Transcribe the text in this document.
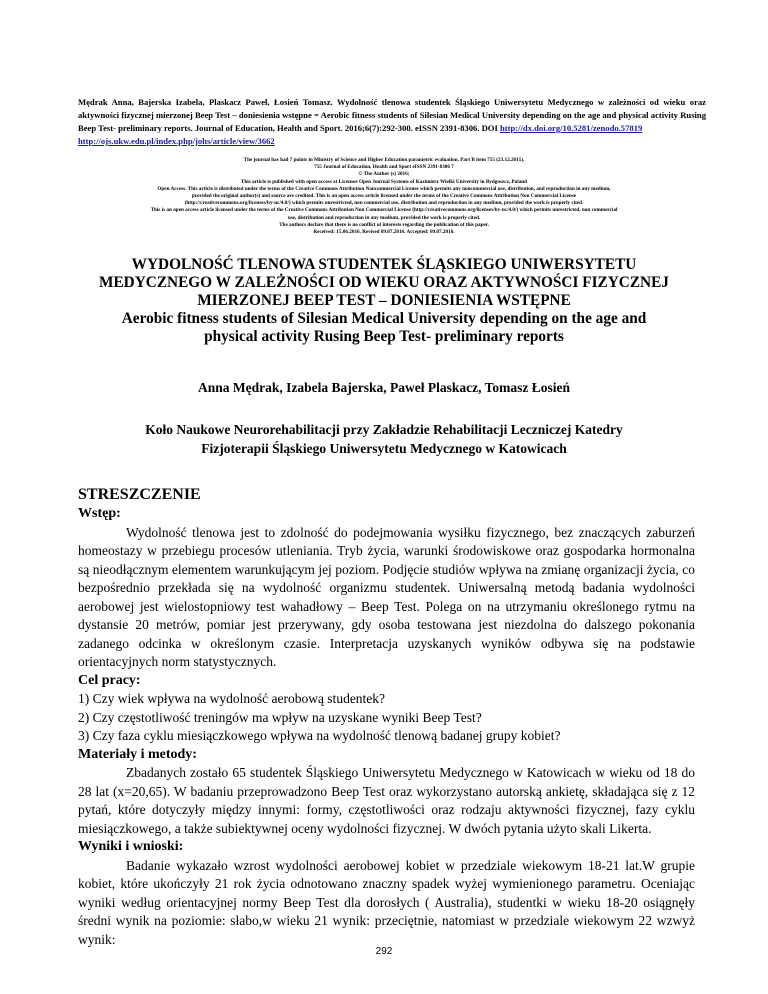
Mędrak Anna, Bajerska Izabela, Plaskacz Paweł, Łosień Tomasz. Wydolność tlenowa studentek Śląskiego Uniwersytetu Medycznego w zależności od wieku oraz aktywności fizycznej mierzonej Beep Test – doniesienia wstępne = Aerobic fitness students of Silesian Medical University depending on the age and physical activity Rusing Beep Test- preliminary reports. Journal of Education, Health and Sport. 2016;6(7):292-300. eISSN 2391-8306. DOI http://dx.doi.org/10.5281/zenodo.57819
http://ojs.ukw.edu.pl/index.php/johs/article/view/3662
The journal has had 7 points in Ministry of Science and Higher Education parametric evaluation. Part B item 755 (23.12.2015).
755 Journal of Education, Health and Sport eISSN 2391-8306 7
© The Author (s) 2016;
This article is published with open access at Licensee Open Journal Systems of Kazimierz Wielki University in Bydgoszcz, Poland
Open Access. This article is distributed under the terms of the Creative Commons Attribution Noncommercial License which permits any noncommercial use, distribution, and reproduction in any medium,
provided the original author(s) and source are credited. This is an open access article licensed under the terms of the Creative Commons Attribution Non Commercial License
(http://creativecommons.org/licenses/by-nc/4.0/) which permits unrestricted, non commercial use, distribution and reproduction in any medium, provided the work is properly cited.
This is an open access article licensed under the terms of the Creative Commons Attribution Non Commercial License (http://creativecommons.org/licenses/by-nc/4.0/) which permits unrestricted, non commercial
use, distribution and reproduction in any medium, provided the work is properly cited.
The authors declare that there is no conflict of interests regarding the publication of this paper.
Received: 15.06.2016. Revised 09.07.2016. Accepted: 09.07.2016.
WYDOLNOŚĆ TLENOWA STUDENTEK ŚLĄSKIEGO UNIWERSYTETU
MEDYCZNEGO W ZALEŻNOŚCI OD WIEKU ORAZ AKTYWNOŚCI FIZYCZNEJ
MIERZONEJ BEEP TEST – DONIESIENIA WSTĘPNE
Aerobic fitness students of Silesian Medical University depending on the age and
physical activity Rusing Beep Test- preliminary reports
Anna Mędrak, Izabela Bajerska, Paweł Plaskacz, Tomasz Łosień
Koło Naukowe Neurorehabilitacji przy Zakładzie Rehabilitacji Leczniczej Katedry
Fizjoterapii Śląskiego Uniwersytetu Medycznego w Katowicach
STRESZCZENIE
Wstęp:

Wydolność tlenowa jest to zdolność do podejmowania wysiłku fizycznego, bez znaczących zaburzeń homeostazy w przebiegu procesów utleniania. Tryb życia, warunki środowiskowe oraz gospodarka hormonalna są nieodłącznym elementem warunkującym jej poziom. Podjęcie studiów wpływa na zmianę organizacji życia, co bezpośrednio przekłada się na wydolność organizmu studentek. Uniwersalną metodą badania wydolności aerobowej jest wielostopniowy test wahadłowy – Beep Test. Polega on na utrzymaniu określonego rytmu na dystansie 20 metrów, pomiar jest przerywany, gdy osoba testowana jest niezdolna do dalszego pokonania zadanego odcinka w określonym czasie. Interpretacja uzyskanych wyników odbywa się na podstawie orientacyjnych norm statystycznych.

Cel pracy:
1) Czy wiek wpływa na wydolność aerobową studentek?
2) Czy częstotliwość treningów ma wpływ na uzyskane wyniki Beep Test?
3) Czy faza cyklu miesiączkowego wpływa na wydolność tlenową badanej grupy kobiet?
Materiały i metody:

Zbadanych zostało 65 studentek Śląskiego Uniwersytetu Medycznego w Katowicach w wieku od 18 do 28 lat (x=20,65). W badaniu przeprowadzono Beep Test oraz wykorzystano autorską ankietę, składająca się z 12 pytań, które dotyczyły między innymi: formy, częstotliwości oraz rodzaju aktywności fizycznej, fazy cyklu miesiączkowego, a także subiektywnej oceny wydolności fizycznej. W dwóch pytania użyto skali Likerta.

Wyniki i wnioski:

Badanie wykazało wzrost wydolności aerobowej kobiet w przedziale wiekowym 18-21 lat.W grupie kobiet, które ukończyły 21 rok życia odnotowano znaczny spadek wyżej wymienionego parametru. Oceniając wyniki według orientacyjnej normy Beep Test dla dorosłych ( Australia), studentki w wieku 18-20 osiągnęły średni wynik na poziomie: słabo,w wieku 21 wynik: przeciętnie, natomiast w przedziale wiekowym 22 wzwyż wynik:

292
